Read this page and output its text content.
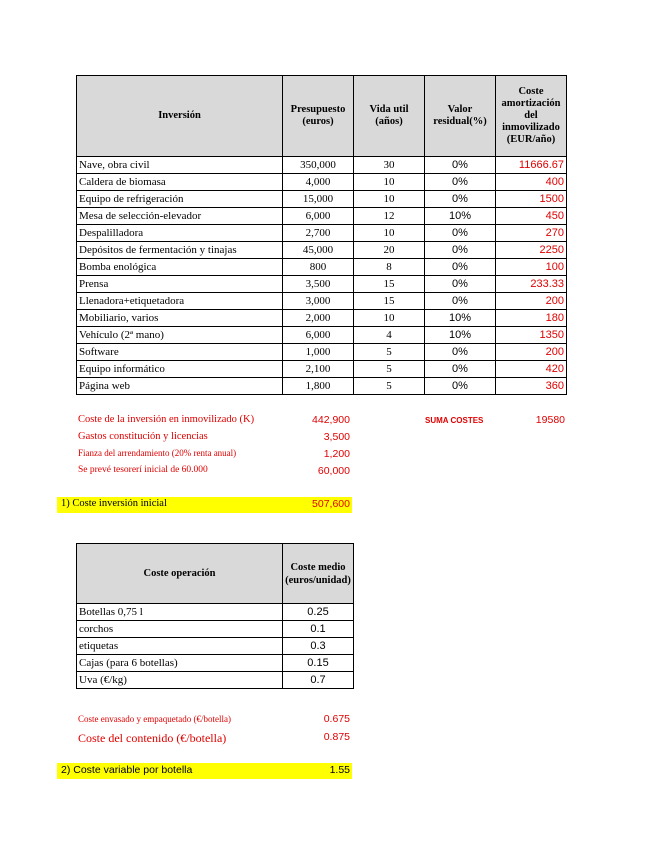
Inversión	Presupuesto (euros)	Vida util (años)	Valor residual(%)	Coste amortización del inmovilizado (EUR/año)
Nave, obra civil	350,000	30	0%	11666.67
Caldera de biomasa	4,000	10	0%	400
Equipo de refrigeración	15,000	10	0%	1500
Mesa de selección-elevador	6,000	12	10%	450
Despalilladora	2,700	10	0%	270
Depósitos de fermentación y tinajas	45,000	20	0%	2250
Bomba enológica	800	8	0%	100
Prensa	3,500	15	0%	233.33
Llenadora+etiquetadora	3,000	15	0%	200
Mobiliario, varios	2,000	10	10%	180
Vehículo (2ª mano)	6,000	4	10%	1350
Software	1,000	5	0%	200
Equipo informático	2,100	5	0%	420
Página web	1,800	5	0%	360
Coste de la inversión en inmovilizado (K)	442,900
Gastos constitución y licencias	3,500
Fianza del arrendamiento (20% renta anual)	1,200
Se prevé tesorerí inicial de 60.000	60,000
SUMA COSTES	19580
1) Coste inversión inicial	507,600
Coste operación	Coste medio (euros/unidad)
Botellas 0,75 l	0.25
corchos	0.1
etiquetas	0.3
Cajas (para 6 botellas)	0.15
Uva (€/kg)	0.7
Coste envasado y empaquetado (€/botella)	0.675
Coste del contenido (€/botella)	0.875
2) Coste variable por botella	1.55
